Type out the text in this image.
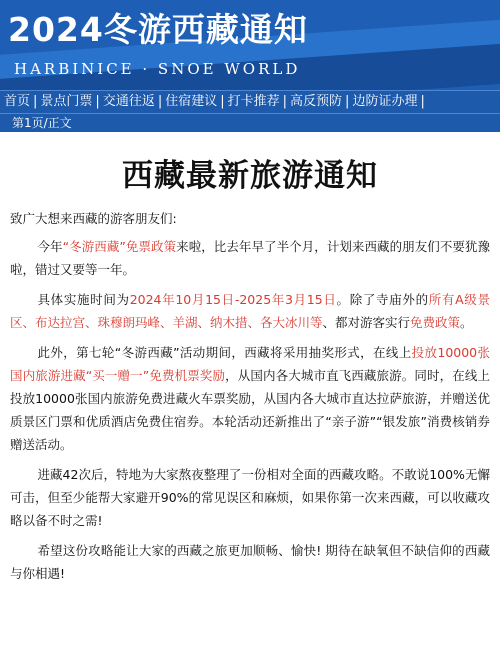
2024冬游西藏通知
HARBINICE · SNOE WORLD
首页 | 景点门票 | 交通往返 | 住宿建议 | 打卡推荐 | 高反预防 | 边防证办理 |
第1页/正文
西藏最新旅游通知
致广大想来西藏的游客朋友们:

今年“冬游西藏”免票政策来啦，比去年早了半个月，计划来西藏的朋友们不要犹豫啦，错过又要等一年。

具体实施时间为2024年10月15日-2025年3月15日。除了寺庙外的所有A级景区、布达拉宫、珠穆朗玛峰、羊湖、纳木措、各大冰川等、都对游客实行免费政策。

此外，第七轮“冬游西藏”活动期间，西藏将采用抽奖形式，在线上投放10000张国内旅游进藏“买一赠一”免费机票奖励，从国内各大城市直飞西藏旅游。同时，在线上投放10000张国内旅游免费进藏火车票奖励，从国内各大城市直达拉萨旅游，并赠送优质景区门票和优质酒店免费住宿券。本轮活动还新推出了“亲子游”“银发旅”消费核销券赠送活动。

进藏42次后，特地为大家熬夜整理了一份相对全面的西藏攻略。不敢说100%无懈可击，但至少能帮大家避开90%的常见误区和麻烦，如果你第一次来西藏，可以收藏攻略以备不时之需!

希望这份攻略能让大家的西藏之旅更加顺畅、愉快! 期待在缺氧但不缺信仰的西藏与你相遇!
